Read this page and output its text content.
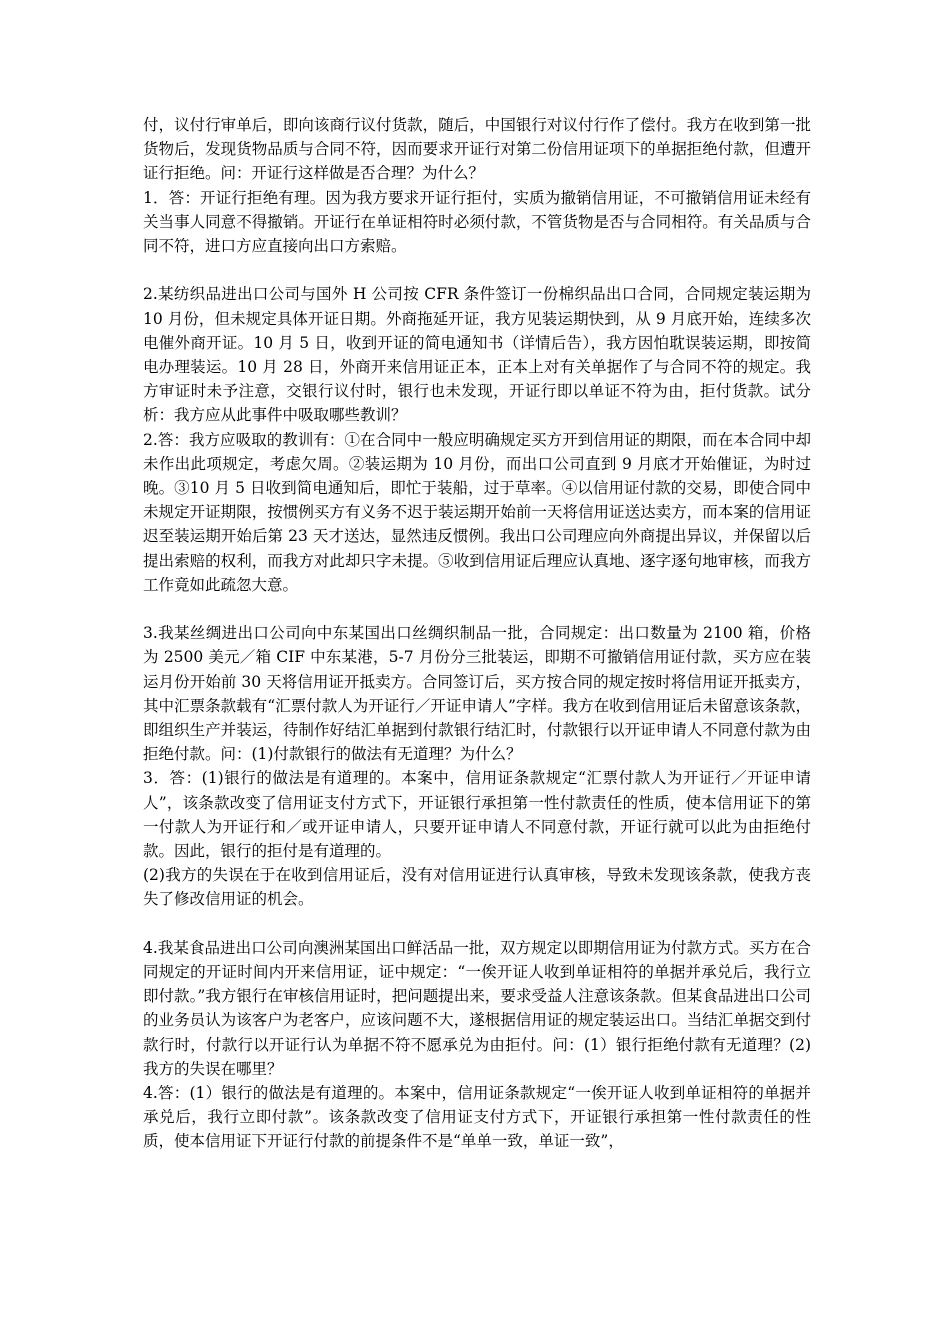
付，议付行审单后，即向该商行议付货款，随后，中国银行对议付行作了偿付。我方在收到第一批货物后，发现货物品质与合同不符，因而要求开证行对第二份信用证项下的单据拒绝付款，但遭开证行拒绝。问：开证行这样做是否合理？为什么？

1．答：开证行拒绝有理。因为我方要求开证行拒付，实质为撤销信用证，不可撤销信用证未经有关当事人同意不得撤销。开证行在单证相符时必须付款，不管货物是否与合同相符。有关品质与合同不符，进口方应直接向出口方索赔。

2.某纺织品进出口公司与国外 H 公司按 CFR 条件签订一份棉织品出口合同，合同规定装运期为 10 月份，但未规定具体开证日期。外商拖延开证，我方见装运期快到，从 9 月底开始，连续多次电催外商开证。10 月 5 日，收到开证的简电通知书（详情后告），我方因怕耽误装运期，即按简电办理装运。10 月 28 日，外商开来信用证正本，正本上对有关单据作了与合同不符的规定。我方审证时未予注意，交银行议付时，银行也未发现，开证行即以单证不符为由，拒付货款。试分析：我方应从此事件中吸取哪些教训？

2.答：我方应吸取的教训有：①在合同中一般应明确规定买方开到信用证的期限，而在本合同中却未作出此项规定，考虑欠周。②装运期为 10 月份，而出口公司直到 9 月底才开始催证，为时过晚。③10 月 5 日收到简电通知后，即忙于装船，过于草率。④以信用证付款的交易，即使合同中未规定开证期限，按惯例买方有义务不迟于装运期开始前一天将信用证送达卖方，而本案的信用证迟至装运期开始后第 23 天才送达，显然违反惯例。我出口公司理应向外商提出异议，并保留以后提出索赔的权利，而我方对此却只字未提。⑤收到信用证后理应认真地、逐字逐句地审核，而我方工作竟如此疏忽大意。

3.我某丝绸进出口公司向中东某国出口丝绸织制品一批，合同规定：出口数量为 2100 箱，价格为 2500 美元／箱 CIF 中东某港，5-7 月份分三批装运，即期不可撤销信用证付款，买方应在装运月份开始前 30 天将信用证开抵卖方。合同签订后，买方按合同的规定按时将信用证开抵卖方，其中汇票条款载有“汇票付款人为开证行／开证申请人”字样。我方在收到信用证后未留意该条款，即组织生产并装运，待制作好结汇单据到付款银行结汇时，付款银行以开证申请人不同意付款为由拒绝付款。问：(1)付款银行的做法有无道理？为什么？

3．答：(1)银行的做法是有道理的。本案中，信用证条款规定“汇票付款人为开证行／开证申请人”，该条款改变了信用证支付方式下，开证银行承担第一性付款责任的性质，使本信用证下的第一付款人为开证行和／或开证申请人，只要开证申请人不同意付款，开证行就可以此为由拒绝付款。因此，银行的拒付是有道理的。

(2)我方的失误在于在收到信用证后，没有对信用证进行认真审核，导致未发现该条款，使我方丧失了修改信用证的机会。

4.我某食品进出口公司向澳洲某国出口鲜活品一批，双方规定以即期信用证为付款方式。买方在合同规定的开证时间内开来信用证，证中规定：“一俟开证人收到单证相符的单据并承兑后，我行立即付款。”我方银行在审核信用证时，把问题提出来，要求受益人注意该条款。但某食品进出口公司的业务员认为该客户为老客户，应该问题不大，遂根据信用证的规定装运出口。当结汇单据交到付款行时，付款行以开证行认为单据不符不愿承兑为由拒付。问：(1）银行拒绝付款有无道理？(2)我方的失误在哪里？

4.答：(1）银行的做法是有道理的。本案中，信用证条款规定“一俟开证人收到单证相符的单据并承兑后，我行立即付款”。该条款改变了信用证支付方式下，开证银行承担第一性付款责任的性质，使本信用证下开证行付款的前提条件不是“单单一致，单证一致”，
